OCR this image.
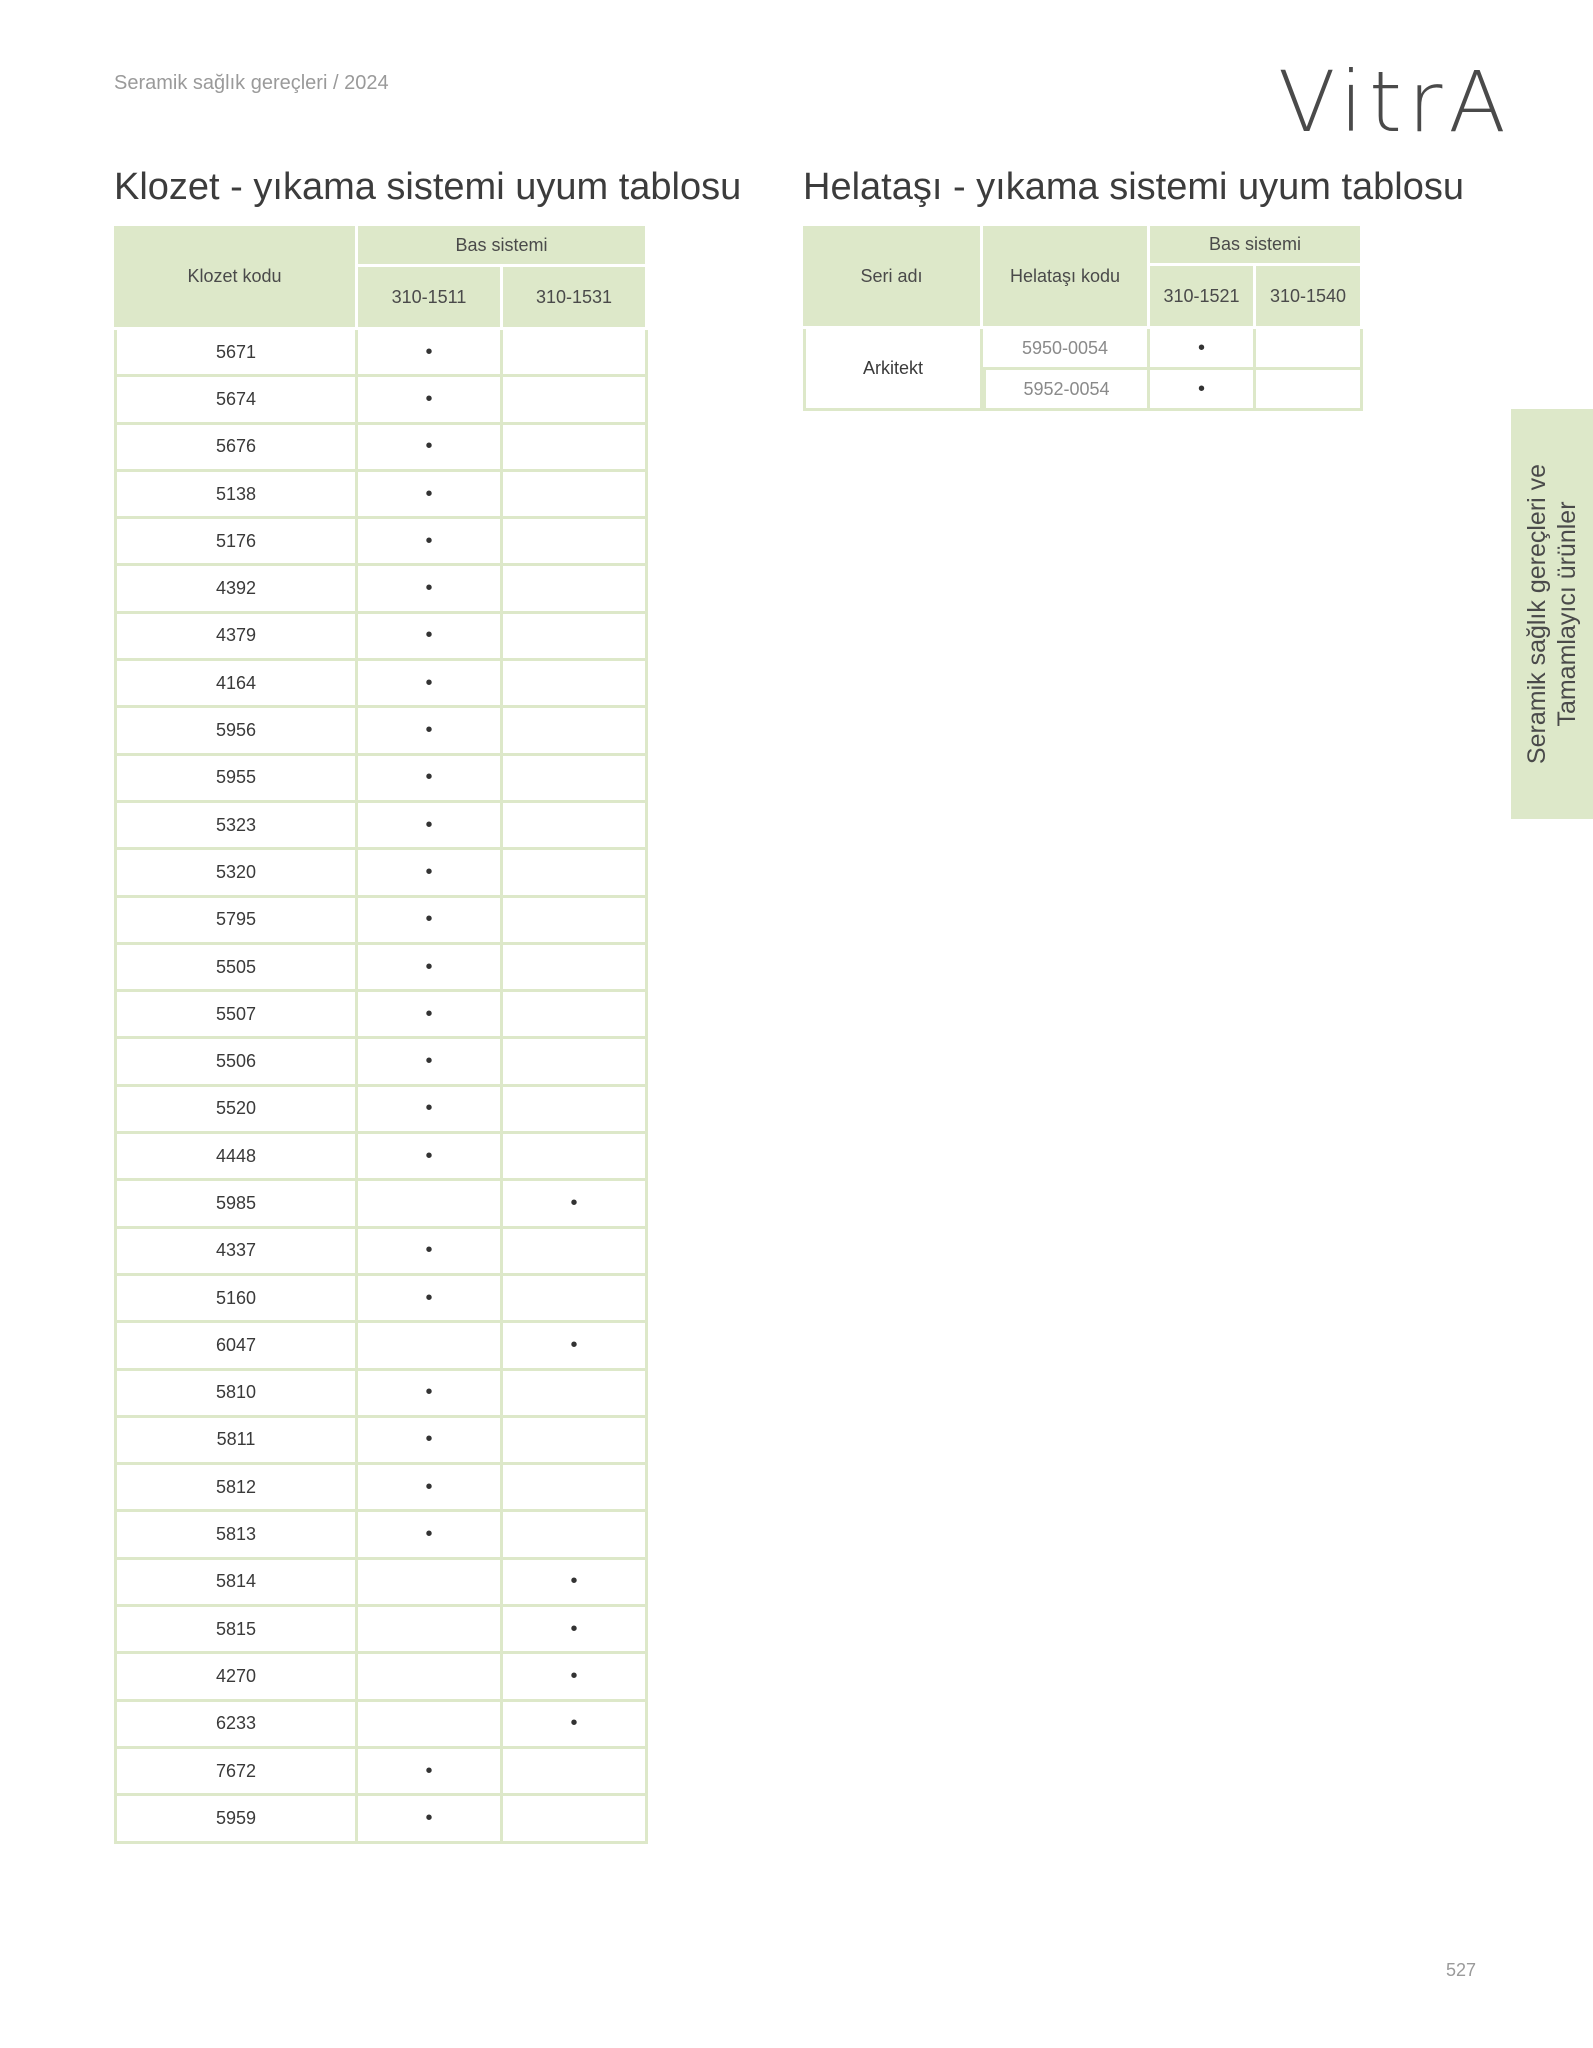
Seramik sağlık gereçleri / 2024	VitrA
Klozet - yıkama sistemi uyum tablosu Helataşı - yıkama sistemi uyum tablosu
Klozet kodu	Bas sistemi	
	310-1511	310-1531
5671	•	
5674	•	
5676	•	
5138	•	
5176	•	
4392	•	
4379	•	
4164	•	
5956	•	
5955	•	
5323	•	
5320	•	
5795	•	
5505	•	
5507	•	
5506	•	
5520	•	
4448	•	
5985		•
4337	•	
5160	•	
6047		•
5810	•	
5811	•	
5812	•	
5813	•	
5814		•
5815		•
4270		•
6233		•
7672	•	
5959	•	
Seri adı	Helataşı kodu	Bas sistemi	
		310-1521	310-1540
Arkitekt	5950-0054	•	
	5952-0054	•	
Seramik sağlık gereçleri ve Tamamlayıcı ürünler
527
